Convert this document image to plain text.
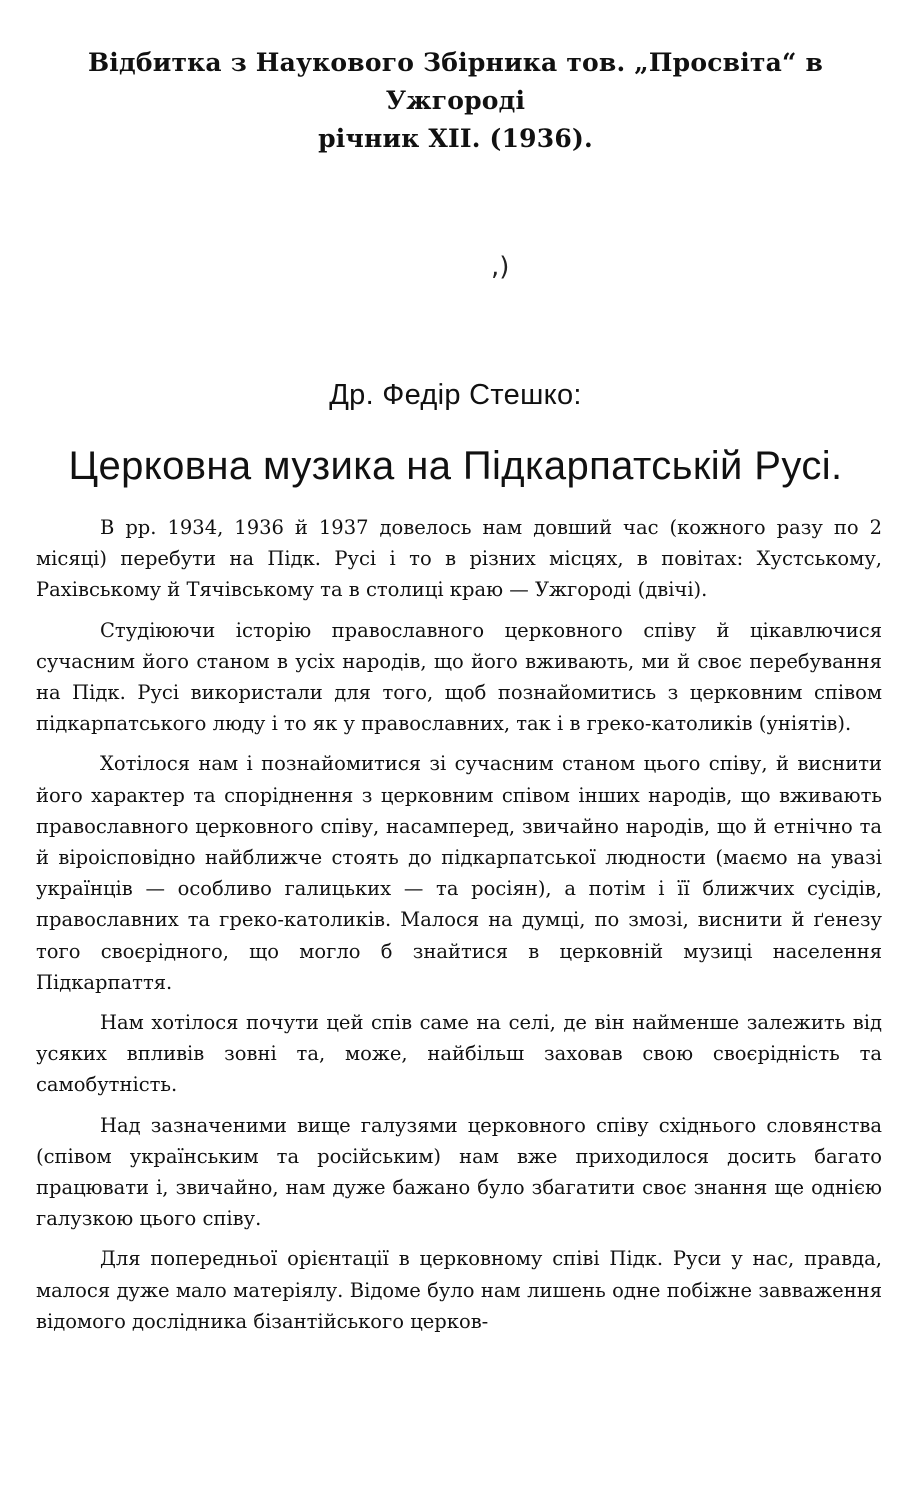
Відбитка з Наукового Збірника тов. „Просвіта“ в Ужгороді
річник XII. (1936).
,)
Др. Федір Стешко:
Церковна музика на Підкарпатській Русі.

В рр. 1934, 1936 й 1937 довелось нам довший час (кожного разу по 2 місяці) перебути на Підк. Русі і то в різних місцях, в повітах: Хустському, Рахівському й Тячівському та в столиці краю — Ужгороді (двічі).

Студіюючи історію православного церковного співу й цікавлючися сучасним його станом в усіх народів, що його вживають, ми й своє перебування на Підк. Русі використали для того, щоб познайомитись з церковним співом підкарпатського люду і то як у православних, так і в греко-католиків (уніятів).

Хотілося нам і познайомитися зі сучасним станом цього співу, й виснити його характер та споріднення з церковним співом інших народів, що вживають православного церковного співу, насамперед, звичайно народів, що й етнічно та й віроісповідно найближче стоять до підкарпатської людности (маємо на увазі українців — особливо галицьких — та росіян), а потім і її ближчих сусідів, православних та греко-католиків. Малося на думці, по змозі, виснити й ґенезу того своєрідного, що могло б знайтися в церковній музиці населення Підкарпаття.

Нам хотілося почути цей спів саме на селі, де він найменше залежить від усяких впливів зовні та, може, найбільш заховав свою своєрідність та самобутність.

Над зазначеними вище галузями церковного співу східнього словянства (співом українським та російським) нам вже приходилося досить багато працювати і, звичайно, нам дуже бажано було збагатити своє знання ще однією галузкою цього співу.

Для попередньої орієнтації в церковному співі Підк. Руси у нас, правда, малося дуже мало матеріялу. Відоме було нам лишень одне побіжне завваження відомого дослідника бізантійського церков-
